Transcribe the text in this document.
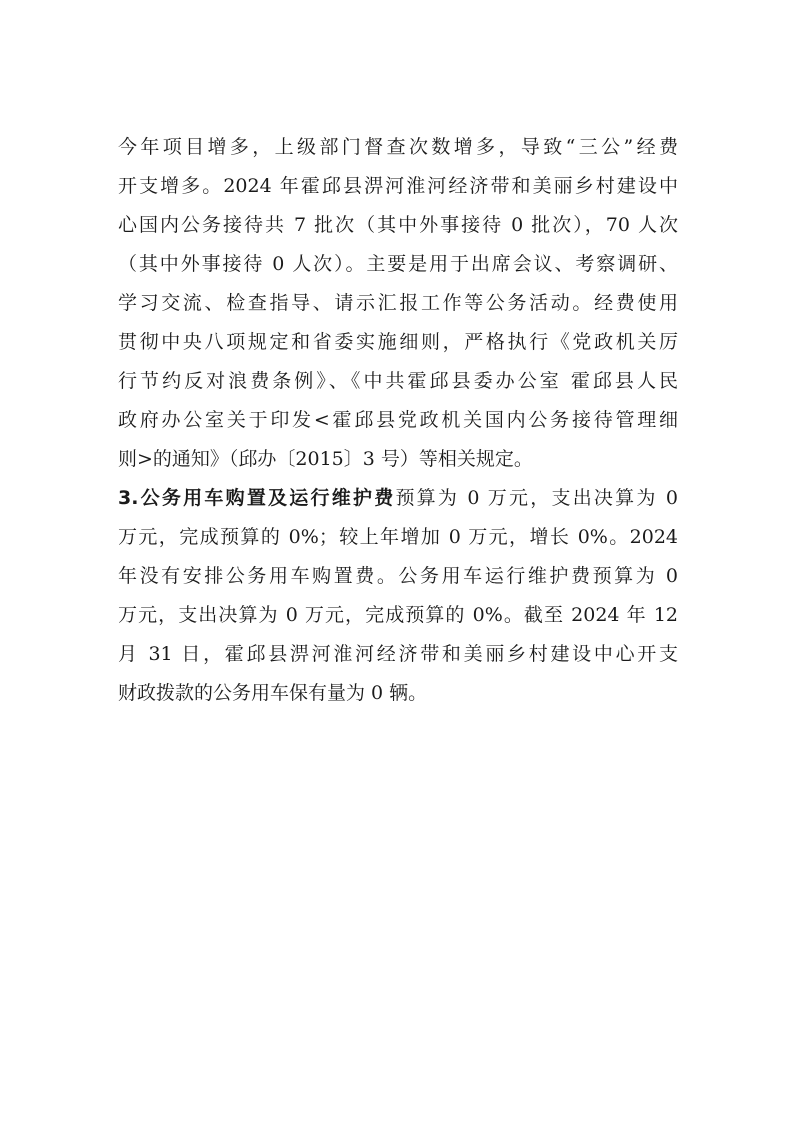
今年项目增多，上级部门督查次数增多，导致“三公”经费
开支增多。2024 年霍邱县淠河淮河经济带和美丽乡村建设中
心国内公务接待共 7 批次（其中外事接待 0 批次），70 人次
（其中外事接待 0 人次）。主要是用于出席会议、考察调研、
学习交流、检查指导、请示汇报工作等公务活动。经费使用
贯彻中央八项规定和省委实施细则，严格执行《党政机关厉
行节约反对浪费条例》、《中共霍邱县委办公室 霍邱县人民
政府办公室关于印发<霍邱县党政机关国内公务接待管理细
则>的通知》（邱办〔2015〕3 号）等相关规定。
3.公务用车购置及运行维护费预算为 0 万元，支出决算为 0
万元，完成预算的 0%；较上年增加 0 万元，增长 0%。2024
年没有安排公务用车购置费。公务用车运行维护费预算为 0
万元，支出决算为 0 万元，完成预算的 0%。截至 2024 年 12
月 31 日，霍邱县淠河淮河经济带和美丽乡村建设中心开支
财政拨款的公务用车保有量为 0 辆。
